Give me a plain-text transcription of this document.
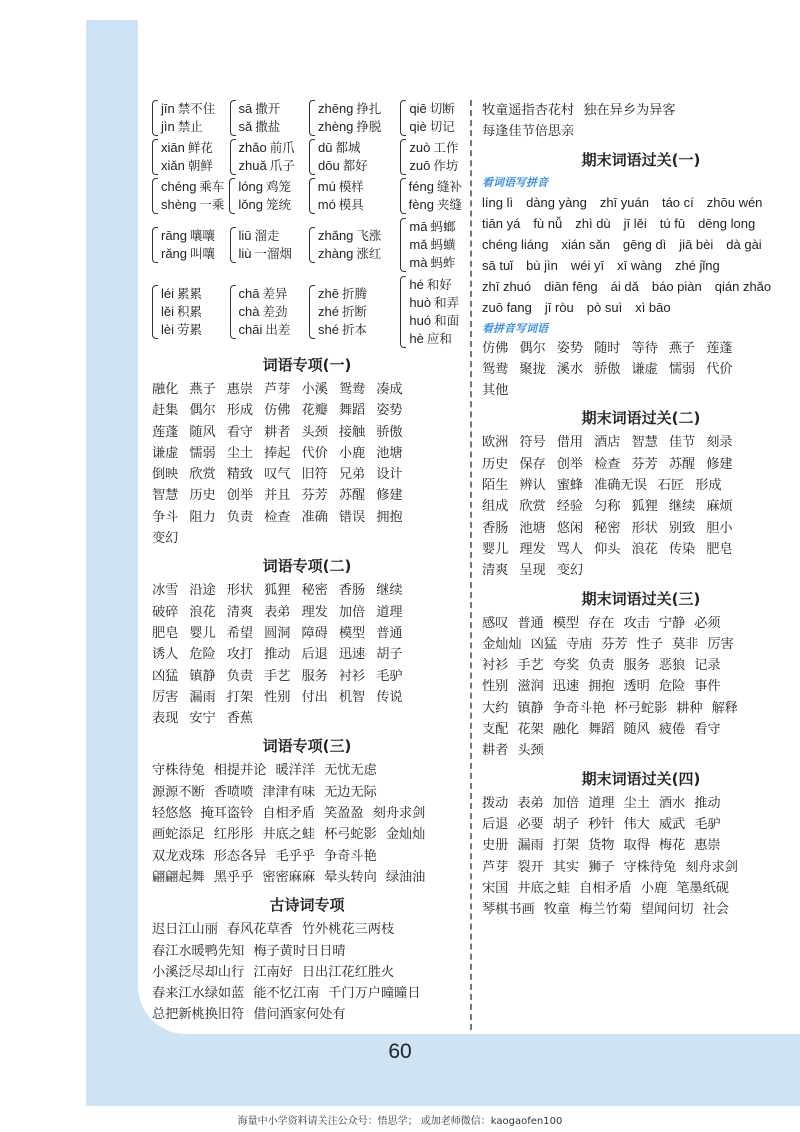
jīn 禁不住
jìn 禁止
sā 撒开
sǎ 撒盐
zhēng 挣扎
zhèng 挣脱
qiē 切断
qiè 切记
xiān 鲜花
xiǎn 朝鲜
zhǎo 前爪
zhuǎ 爪子
dū 都城
dōu 都好
zuò 工作
zuō 作坊
chéng 乘车
shèng 一乘
lóng 鸡笼
lǒng 笼统
mú 模样
mó 模具
féng 缝补
fèng 夹缝
rāng 嚷嚷
rǎng 叫嚷
liū 溜走
liù 一溜烟
zhǎng 飞涨
zhàng 涨红
mā 蚂螂
mǎ 蚂蟥
mà 蚂蚱
léi 累累
lěi 积累
lèi 劳累
chā 差异
chà 差劲
chāi 出差
zhē 折腾
zhé 折断
shé 折本
hé 和好
huò 和弄
huó 和面
hè 应和
词语专项(一)
融化 燕子 惠崇 芦芽 小溪 鸳鸯 凑成
赶集 偶尔 形成 仿佛 花瓣 舞蹈 姿势
莲蓬 随风 看守 耕者 头颈 接触 骄傲
谦虚 懦弱 尘土 捧起 代价 小鹿 池塘
倒映 欣赏 精致 叹气 旧符 兄弟 设计
智慧 历史 创举 并且 芬芳 苏醒 修建
争斗 阻力 负责 检查 准确 错误 拥抱
变幻
词语专项(二)
冰雪 沿途 形状 狐狸 秘密 香肠 继续
破碎 浪花 清爽 表弟 理发 加倍 道理
肥皂 婴儿 希望 圆洞 障碍 模型 普通
诱人 危险 攻打 推动 后退 迅速 胡子
凶猛 镇静 负责 手艺 服务 衬衫 毛驴
厉害 漏雨 打架 性别 付出 机智 传说
表现 安宁 香蕉
词语专项(三)
守株待兔 相提并论 暖洋洋 无忧无虑
源源不断 香喷喷 津津有味 无边无际
轻悠悠 掩耳盗铃 自相矛盾 笑盈盈 刻舟求剑
画蛇添足 红彤彤 井底之蛙 杯弓蛇影 金灿灿
双龙戏珠 形态各异 毛乎乎 争奇斗艳
翩翩起舞 黑乎乎 密密麻麻 晕头转向 绿油油
古诗词专项
迟日江山丽 春风花草香 竹外桃花三两枝
春江水暖鸭先知 梅子黄时日日晴
小溪泛尽却山行 江南好 日出江花红胜火
春来江水绿如蓝 能不忆江南 千门万户曈曈日
总把新桃换旧符 借问酒家何处有
牧童遥指杏花村 独在异乡为异客
每逢佳节倍思亲
期末词语过关(一)
看词语写拼音
líng lì dàng yàng zhī yuán táo cí zhōu wén
tiān yá fù nǚ zhì dù jī lěi tú fū dēng long
chéng liáng xián sǎn gēng dì jiā bèi dà gài
sā tuǐ bù jìn wéi yī xī wàng zhé jǐng
zhī zhuó diān fēng ái dǎ báo piàn qián zhǎo
zuō fang jī ròu pò suì xì bāo
看拼音写词语
仿佛 偶尔 姿势 随时 等待 燕子 莲蓬
鸳鸯 聚拢 溪水 骄傲 谦虚 懦弱 代价
其他
期末词语过关(二)
欧洲 符号 借用 酒店 智慧 佳节 刻录
历史 保存 创举 检查 芬芳 苏醒 修建
陌生 辨认 蜜蜂 准确无误 石匠 形成
组成 欣赏 经验 匀称 狐狸 继续 麻烦
香肠 池塘 悠闲 秘密 形状 别致 胆小
婴儿 理发 骂人 仰头 浪花 传染 肥皂
清爽 呈现 变幻
期末词语过关(三)
感叹 普通 模型 存在 攻击 宁静 必须
金灿灿 凶猛 寺庙 芬芳 性子 莫非 厉害
衬衫 手艺 夸奖 负责 服务 恶狼 记录
性别 滋润 迅速 拥抱 透明 危险 事件
大约 镇静 争奇斗艳 杯弓蛇影 耕种 解释
支配 花架 融化 舞蹈 随风 疲倦 看守
耕者 头颈
期末词语过关(四)
拨动 表弟 加倍 道理 尘土 酒水 推动
后退 必要 胡子 秒针 伟大 威武 毛驴
史册 漏雨 打架 货物 取得 梅花 惠崇
芦芽 裂开 其实 狮子 守株待兔 刻舟求剑
宋国 井底之蛙 自相矛盾 小鹿 笔墨纸砚
琴棋书画 牧童 梅兰竹菊 望闻问切 社会
60
海量中小学资料请关注公众号：悟思学； 或加老师微信：kaogaofen100
